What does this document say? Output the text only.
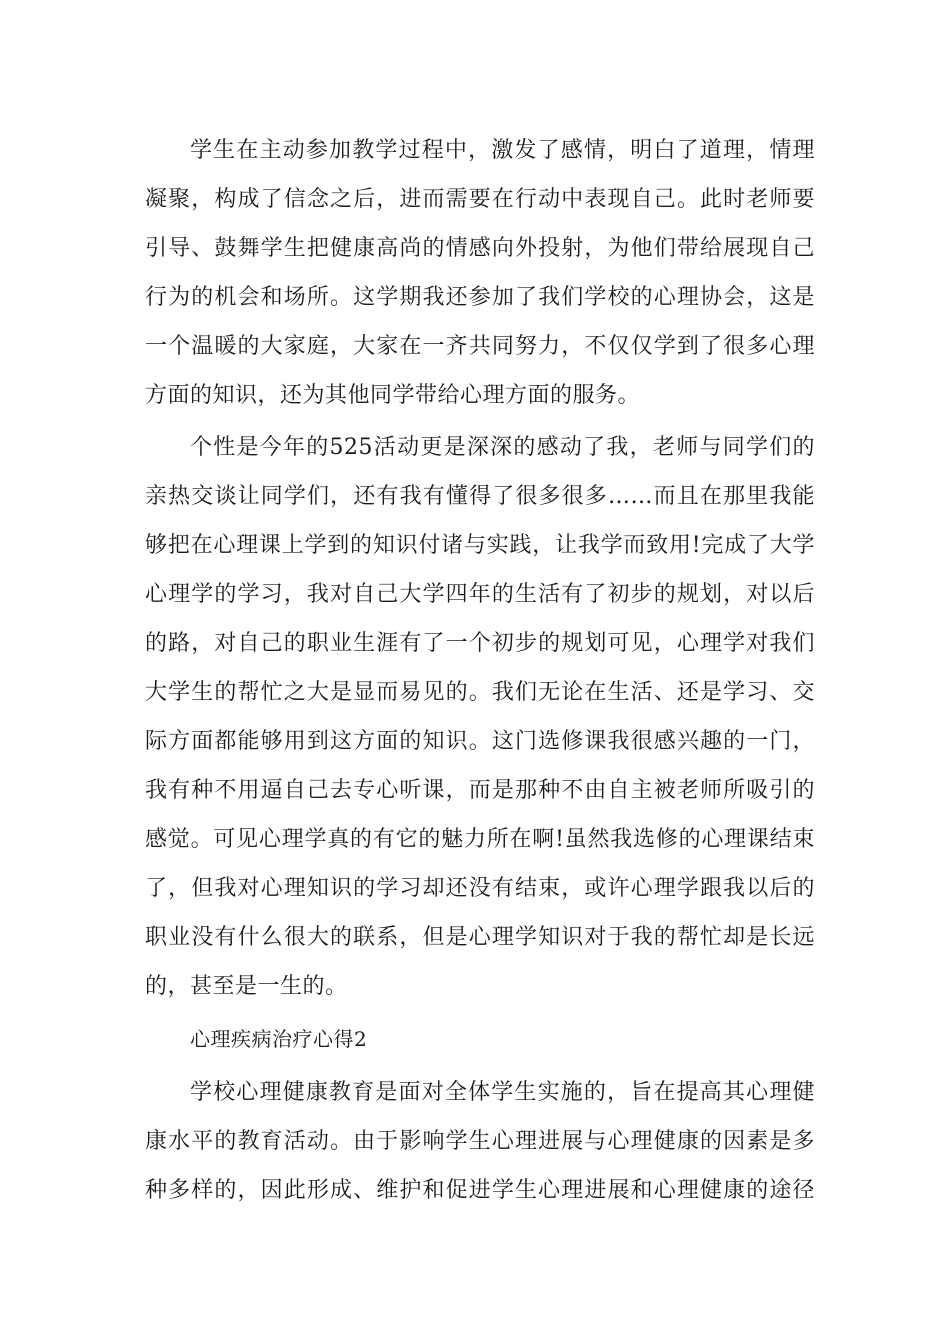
学生在主动参加教学过程中，激发了感情，明白了道理，情理
凝聚，构成了信念之后，进而需要在行动中表现自己。此时老师要
引导、鼓舞学生把健康高尚的情感向外投射，为他们带给展现自己
行为的机会和场所。这学期我还参加了我们学校的心理协会，这是
一个温暖的大家庭，大家在一齐共同努力，不仅仅学到了很多心理
方面的知识，还为其他同学带给心理方面的服务。
个性是今年的525活动更是深深的感动了我，老师与同学们的
亲热交谈让同学们，还有我有懂得了很多很多……而且在那里我能
够把在心理课上学到的知识付诸与实践，让我学而致用!完成了大学
心理学的学习，我对自己大学四年的生活有了初步的规划，对以后
的路，对自己的职业生涯有了一个初步的规划可见，心理学对我们
大学生的帮忙之大是显而易见的。我们无论在生活、还是学习、交
际方面都能够用到这方面的知识。这门选修课我很感兴趣的一门，
我有种不用逼自己去专心听课，而是那种不由自主被老师所吸引的
感觉。可见心理学真的有它的魅力所在啊!虽然我选修的心理课结束
了，但我对心理知识的学习却还没有结束，或许心理学跟我以后的
职业没有什么很大的联系，但是心理学知识对于我的帮忙却是长远
的，甚至是一生的。
心理疾病治疗心得2
学校心理健康教育是面对全体学生实施的，旨在提高其心理健
康水平的教育活动。由于影响学生心理进展与心理健康的因素是多
种多样的，因此形成、维护和促进学生心理进展和心理健康的途径
